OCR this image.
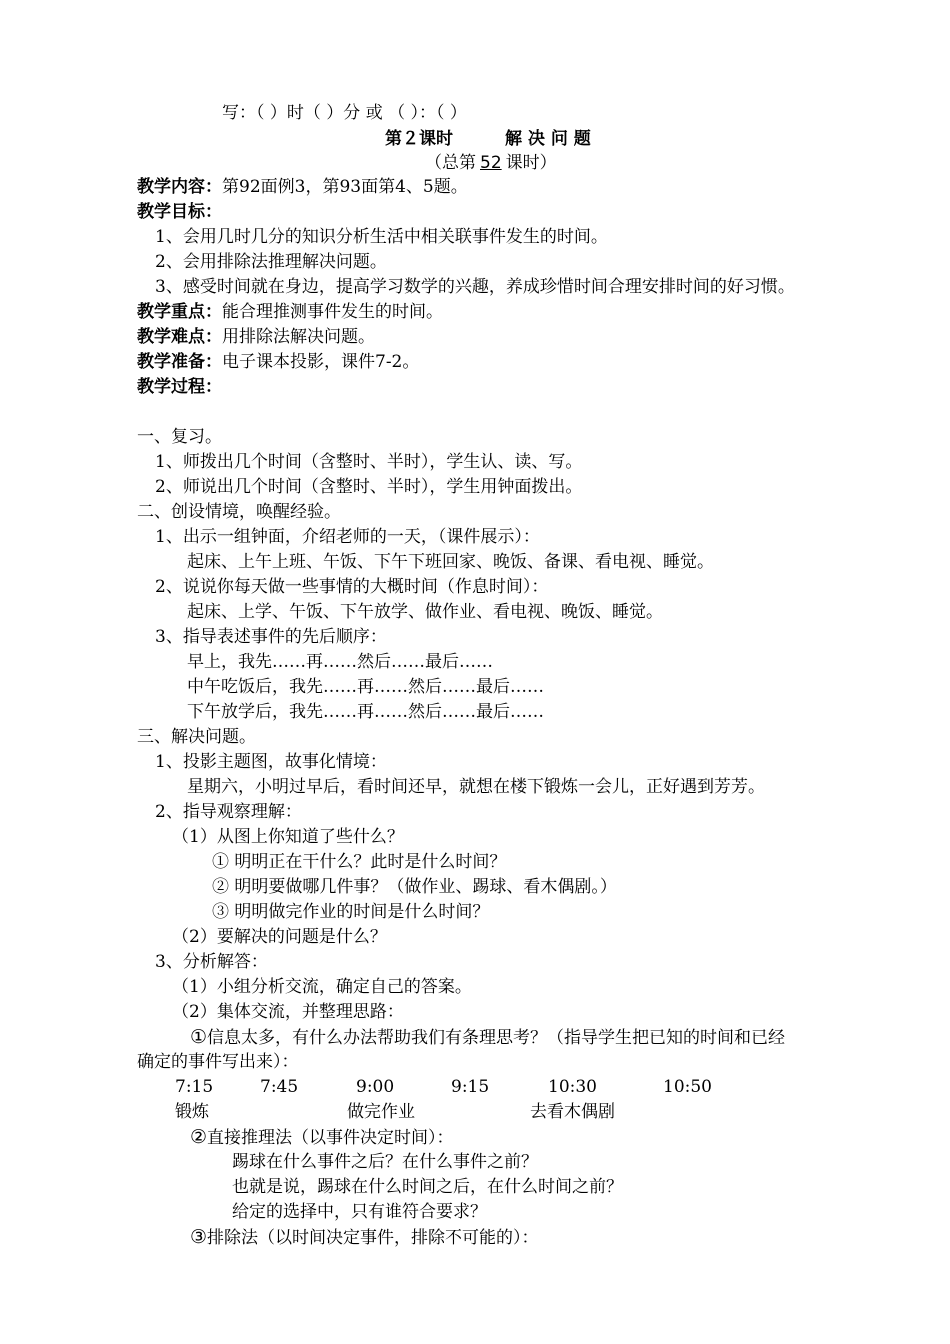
写：（ ）时（ ）分 或 （ ）：（ ）
第２课时	解 决 问 题
（总第 52 课时）
教学内容：第92面例3，第93面第4、5题。
教学目标：
1、会用几时几分的知识分析生活中相关联事件发生的时间。
2、会用排除法推理解决问题。
3、感受时间就在身边，提高学习数学的兴趣，养成珍惜时间合理安排时间的好习惯。
教学重点：能合理推测事件发生的时间。
教学难点：用排除法解决问题。
教学准备：电子课本投影，课件7-2。
教学过程：
一、复习。
1、师拨出几个时间（含整时、半时），学生认、读、写。
2、师说出几个时间（含整时、半时），学生用钟面拨出。
二、创设情境，唤醒经验。
1、出示一组钟面，介绍老师的一天，（课件展示）：
起床、上午上班、午饭、下午下班回家、晚饭、备课、看电视、睡觉。
2、说说你每天做一些事情的大概时间（作息时间）：
起床、上学、午饭、下午放学、做作业、看电视、晚饭、睡觉。
3、指导表述事件的先后顺序：
早上，我先……再……然后……最后……
中午吃饭后，我先……再……然后……最后……
下午放学后，我先……再……然后……最后……
三、解决问题。
1、投影主题图，故事化情境：
星期六，小明过早后，看时间还早，就想在楼下锻炼一会儿，正好遇到芳芳。
2、指导观察理解：
（1）从图上你知道了些什么？
① 明明正在干什么？此时是什么时间？
② 明明要做哪几件事？（做作业、踢球、看木偶剧。）
③ 明明做完作业的时间是什么时间？
（2）要解决的问题是什么？
3、分析解答：
（1）小组分析交流，确定自己的答案。
（2）集体交流，并整理思路：
①信息太多，有什么办法帮助我们有条理思考？（指导学生把已知的时间和已经
确定的事件写出来）：
7:15	7:45	9:00	9:15	10:30	10:50
锻炼	做完作业	去看木偶剧
②直接推理法（以事件决定时间）：
踢球在什么事件之后？在什么事件之前？
也就是说，踢球在什么时间之后，在什么时间之前？
给定的选择中，只有谁符合要求？
③排除法（以时间决定事件，排除不可能的）：
